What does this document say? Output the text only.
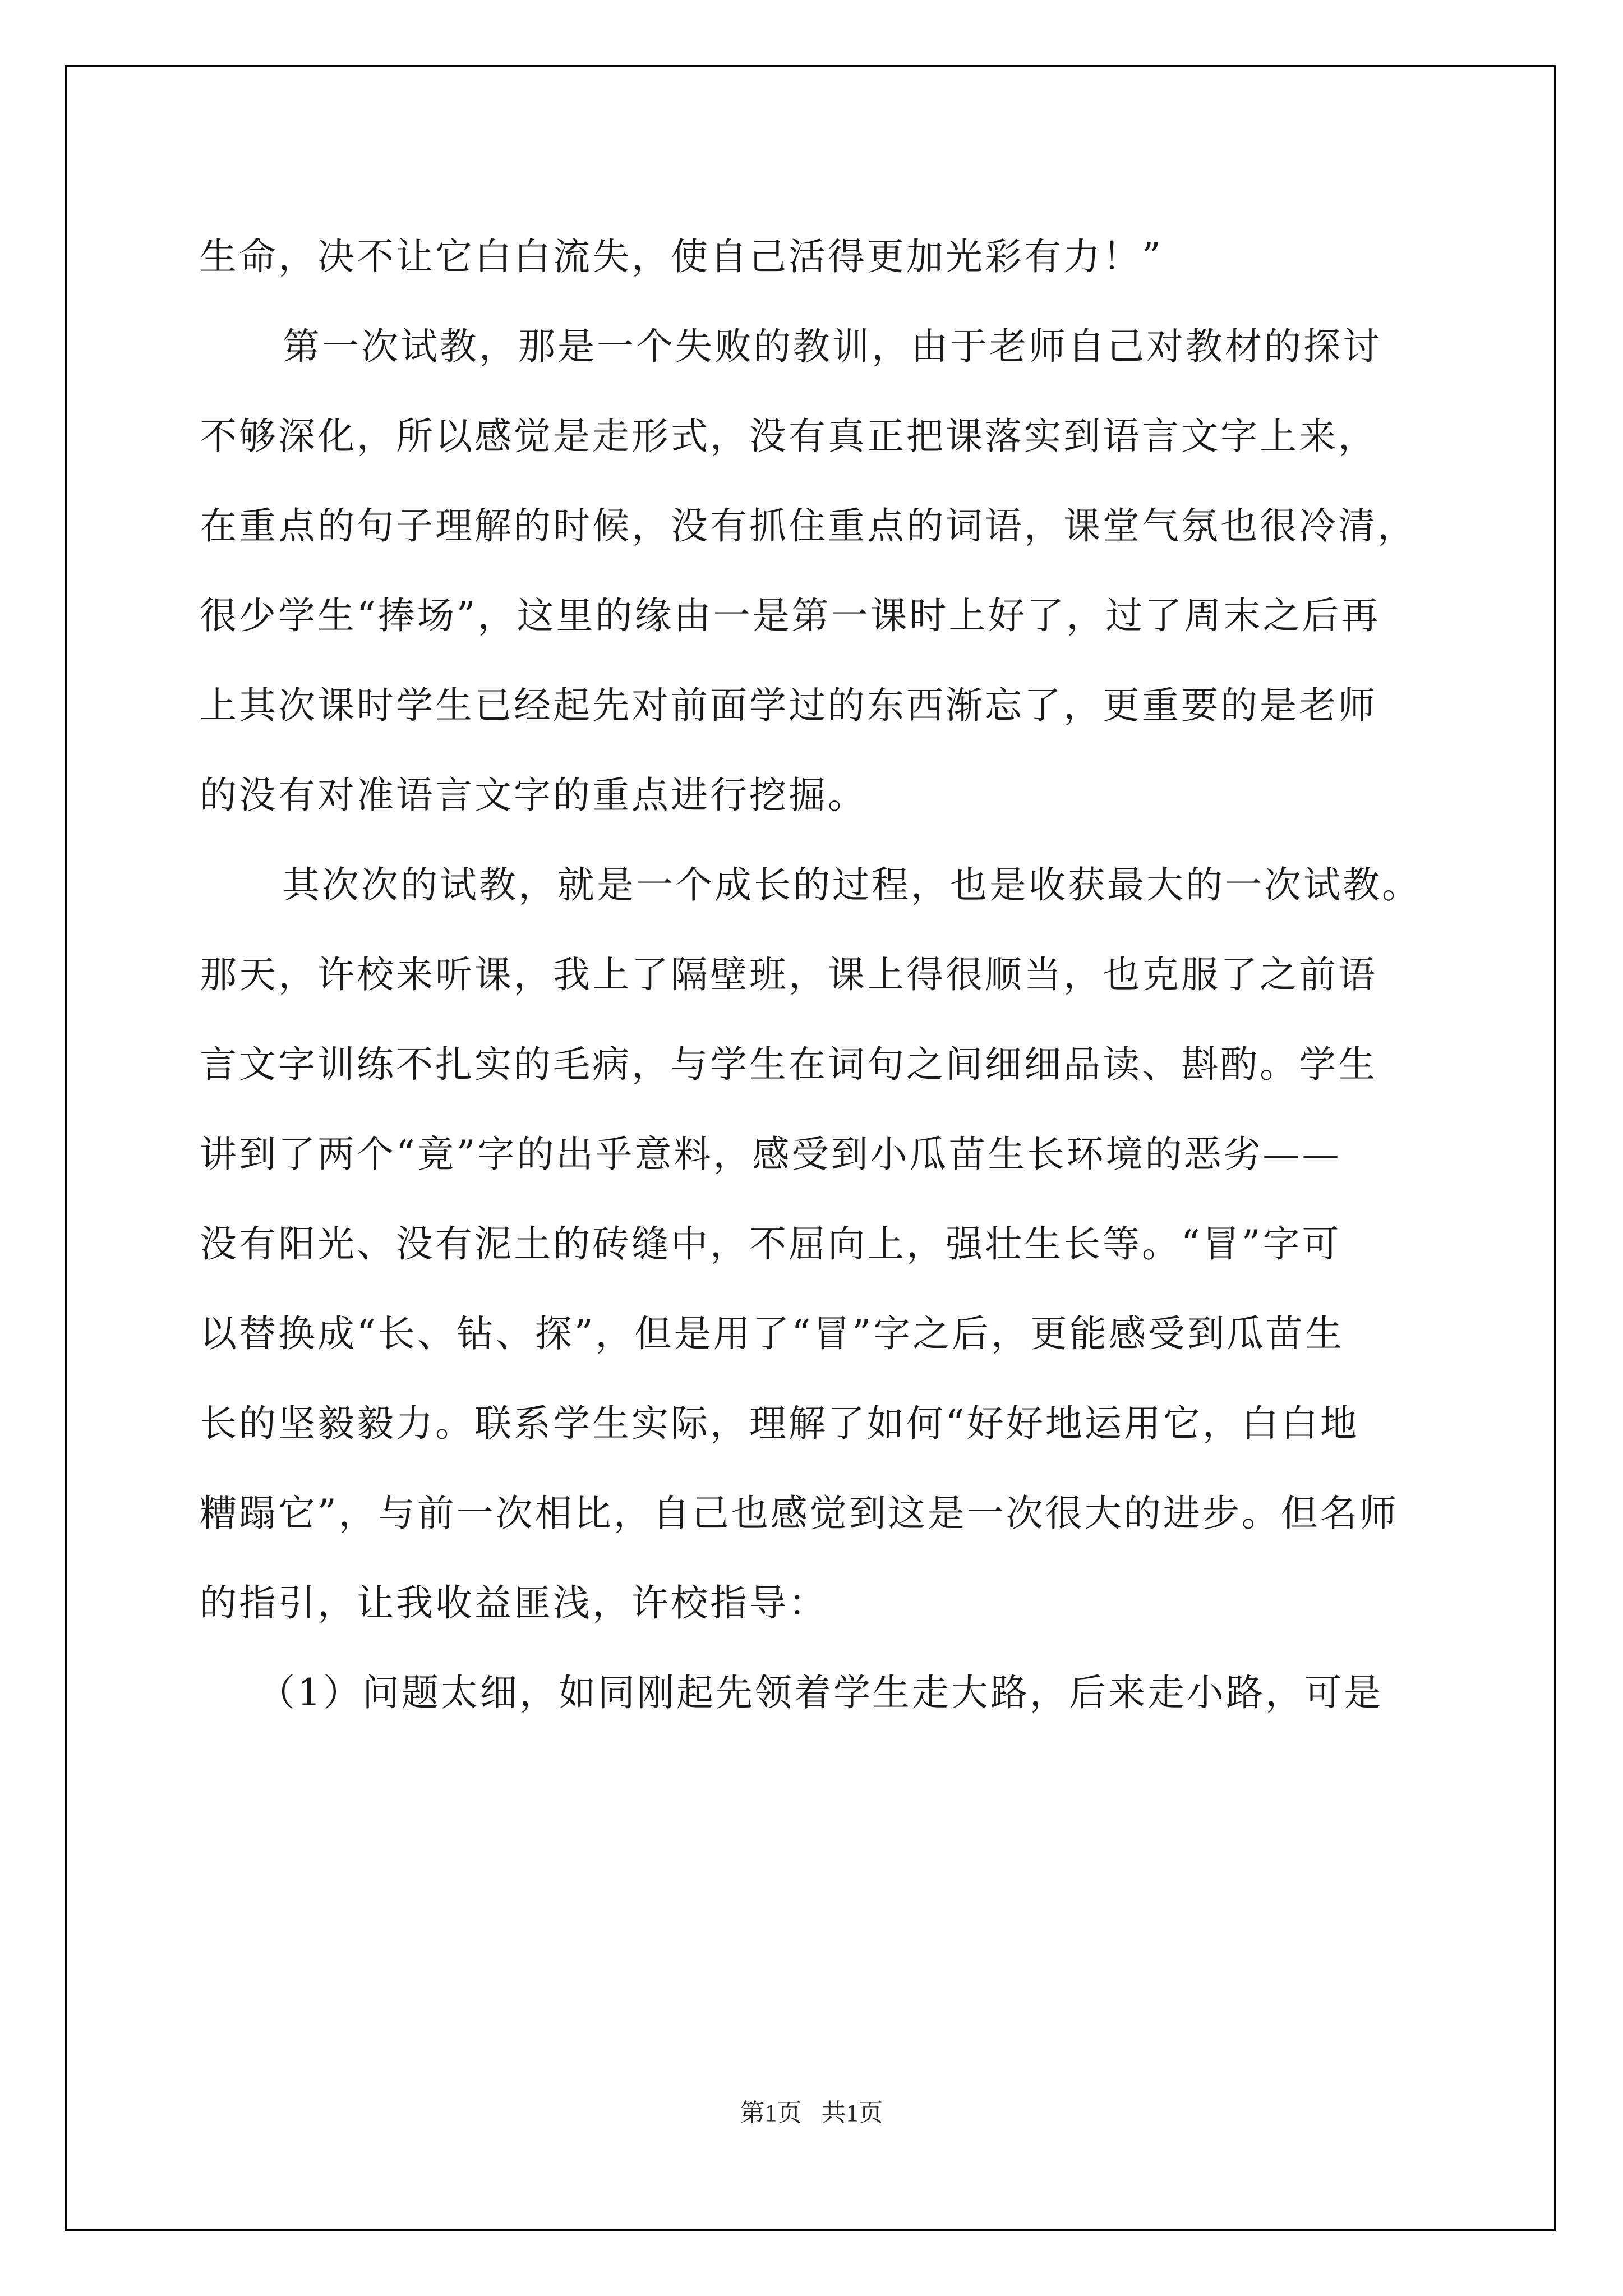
生命，决不让它白白流失，使自己活得更加光彩有力！”
第一次试教，那是一个失败的教训，由于老师自己对教材的探讨
不够深化，所以感觉是走形式，没有真正把课落实到语言文字上来，
在重点的句子理解的时候，没有抓住重点的词语，课堂气氛也很冷清，
很少学生“捧场”，这里的缘由一是第一课时上好了，过了周末之后再
上其次课时学生已经起先对前面学过的东西渐忘了，更重要的是老师
的没有对准语言文字的重点进行挖掘。
其次次的试教，就是一个成长的过程，也是收获最大的一次试教。
那天，许校来听课，我上了隔壁班，课上得很顺当，也克服了之前语
言文字训练不扎实的毛病，与学生在词句之间细细品读、斟酌。学生
讲到了两个“竟”字的出乎意料，感受到小瓜苗生长环境的恶劣——
没有阳光、没有泥土的砖缝中，不屈向上，强壮生长等。“冒”字可
以替换成“长、钻、探”，但是用了“冒”字之后，更能感受到瓜苗生
长的坚毅毅力。联系学生实际，理解了如何“好好地运用它，白白地
糟蹋它”，与前一次相比，自己也感觉到这是一次很大的进步。但名师
的指引，让我收益匪浅，许校指导：
（1）问题太细，如同刚起先领着学生走大路，后来走小路，可是
第1页 共1页
